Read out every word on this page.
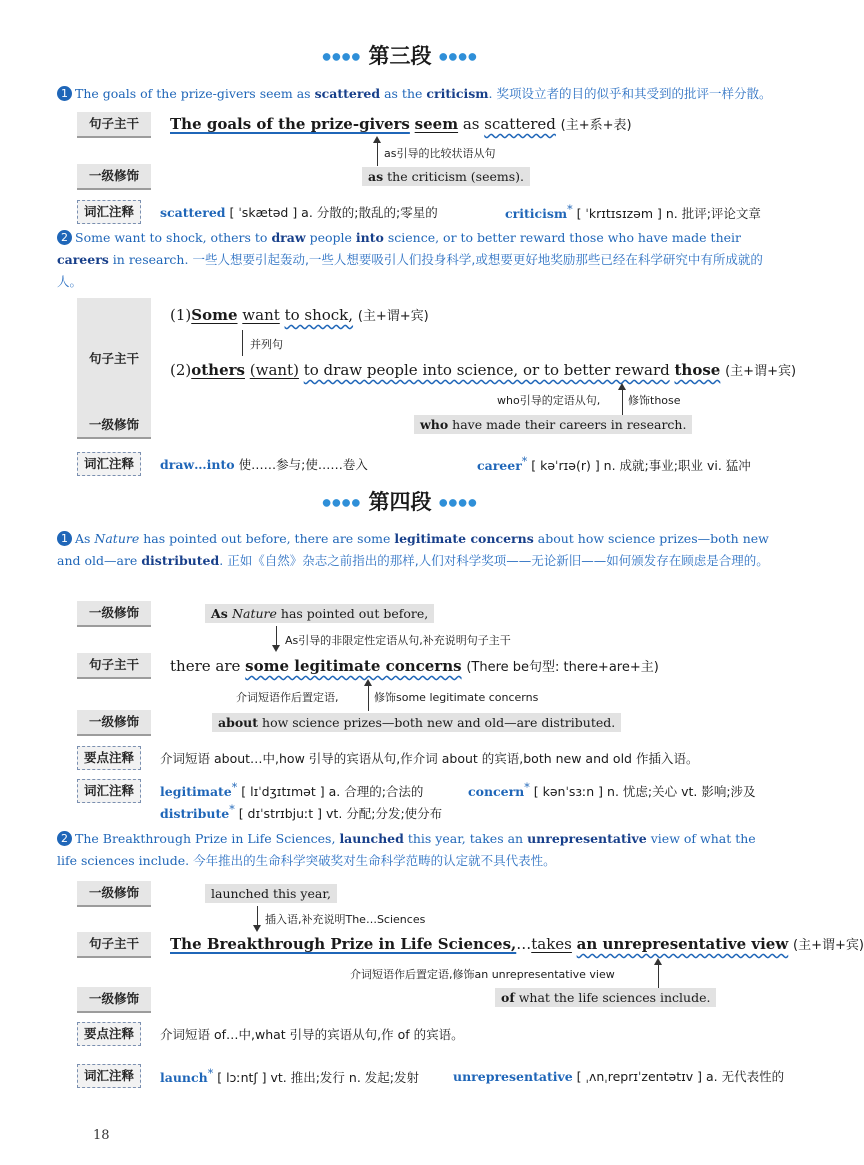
●●●● 第三段 ●●●●
1 The goals of the prize-givers seem as scattered as the criticism. 奖项设立者的目的似乎和其受到的批评一样分散。
句子主干	The goals of the prize-givers seem as scattered (主+系+表)
as引导的比较状语从句
一级修饰	as the criticism (seems).
词汇注释	scattered [ ˈskætəd ] a. 分散的;散乱的;零星的	criticism* [ ˈkrɪtɪsɪzəm ] n. 批评;评论文章
2 Some want to shock, others to draw people into science, or to better reward those who have made their careers in research. 一些人想要引起轰动,一些人想要吸引人们投身科学,或想要更好地奖励那些已经在科学研究中有所成就的人。
句子主干
(1)Some want to shock, (主+谓+宾)
并列句
(2)others (want) to draw people into science, or to better reward those (主+谓+宾)
who引导的定语从句,	修饰those
一级修饰	who have made their careers in research.
词汇注释	draw…into 使……参与;使……卷入	career* [ kəˈrɪə(r) ] n. 成就;事业;职业 vi. 猛冲
●●●● 第四段 ●●●●
1 As Nature has pointed out before, there are some legitimate concerns about how science prizes—both new and old—are distributed. 正如《自然》杂志之前指出的那样,人们对科学奖项——无论新旧——如何颁发存在顾虑是合理的。
一级修饰	As Nature has pointed out before,
As引导的非限定性定语从句,补充说明句子主干
句子主干	there are some legitimate concerns (There be句型: there+are+主)
介词短语作后置定语,	修饰some legitimate concerns
一级修饰	about how science prizes—both new and old—are distributed.
要点注释	介词短语 about…中,how 引导的宾语从句,作介词 about 的宾语,both new and old 作插入语。
词汇注释	legitimate* [ lɪˈdʒɪtɪmət ] a. 合理的;合法的	concern* [ kənˈsɜːn ] n. 忧虑;关心 vt. 影响;涉及
distribute* [ dɪˈstrɪbjuːt ] vt. 分配;分发;使分布
2 The Breakthrough Prize in Life Sciences, launched this year, takes an unrepresentative view of what the life sciences include. 今年推出的生命科学突破奖对生命科学范畴的认定就不具代表性。
一级修饰	launched this year,
插入语,补充说明The…Sciences
句子主干	The Breakthrough Prize in Life Sciences,…takes an unrepresentative view (主+谓+宾)
介词短语作后置定语,修饰an unrepresentative view
一级修饰	of what the life sciences include.
要点注释	介词短语 of…中,what 引导的宾语从句,作 of 的宾语。
词汇注释	launch* [ lɔːntʃ ] vt. 推出;发行 n. 发起;发射	unrepresentative [ ˌʌnˌreprɪˈzentətɪv ] a. 无代表性的
18
